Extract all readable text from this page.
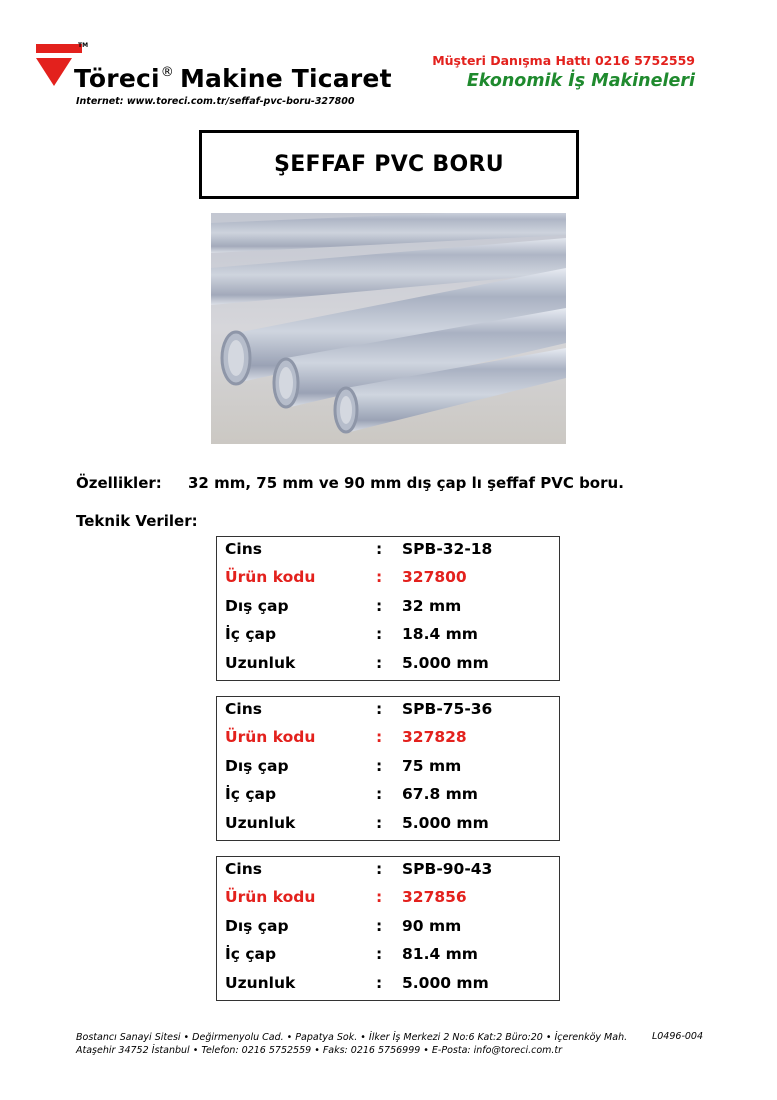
TM
Töreci® Makine Ticaret
Internet: www.toreci.com.tr/seffaf-pvc-boru-327800
Müşteri Danışma Hattı 0216 5752559
Ekonomik İş Makineleri
ŞEFFAF PVC BORU
Özellikler: 32 mm, 75 mm ve 90 mm dış çap lı şeffaf PVC boru.
Teknik Veriler:
Cins	: SPB-32-18
Ürün kodu	: 327800
Dış çap	: 32 mm
İç çap	: 18.4 mm
Uzunluk	: 5.000 mm
Cins	: SPB-75-36
Ürün kodu	: 327828
Dış çap	: 75 mm
İç çap	: 67.8 mm
Uzunluk	: 5.000 mm
Cins	: SPB-90-43
Ürün kodu	: 327856
Dış çap	: 90 mm
İç çap	: 81.4 mm
Uzunluk	: 5.000 mm
Bostancı Sanayi Sitesi • Değirmenyolu Cad. • Papatya Sok. • İlker İş Merkezi 2 No:6 Kat:2 Büro:20 • İçerenköy Mah.
Ataşehir 34752 İstanbul • Telefon: 0216 5752559 • Faks: 0216 5756999 • E-Posta: info@toreci.com.tr
L0496-004
